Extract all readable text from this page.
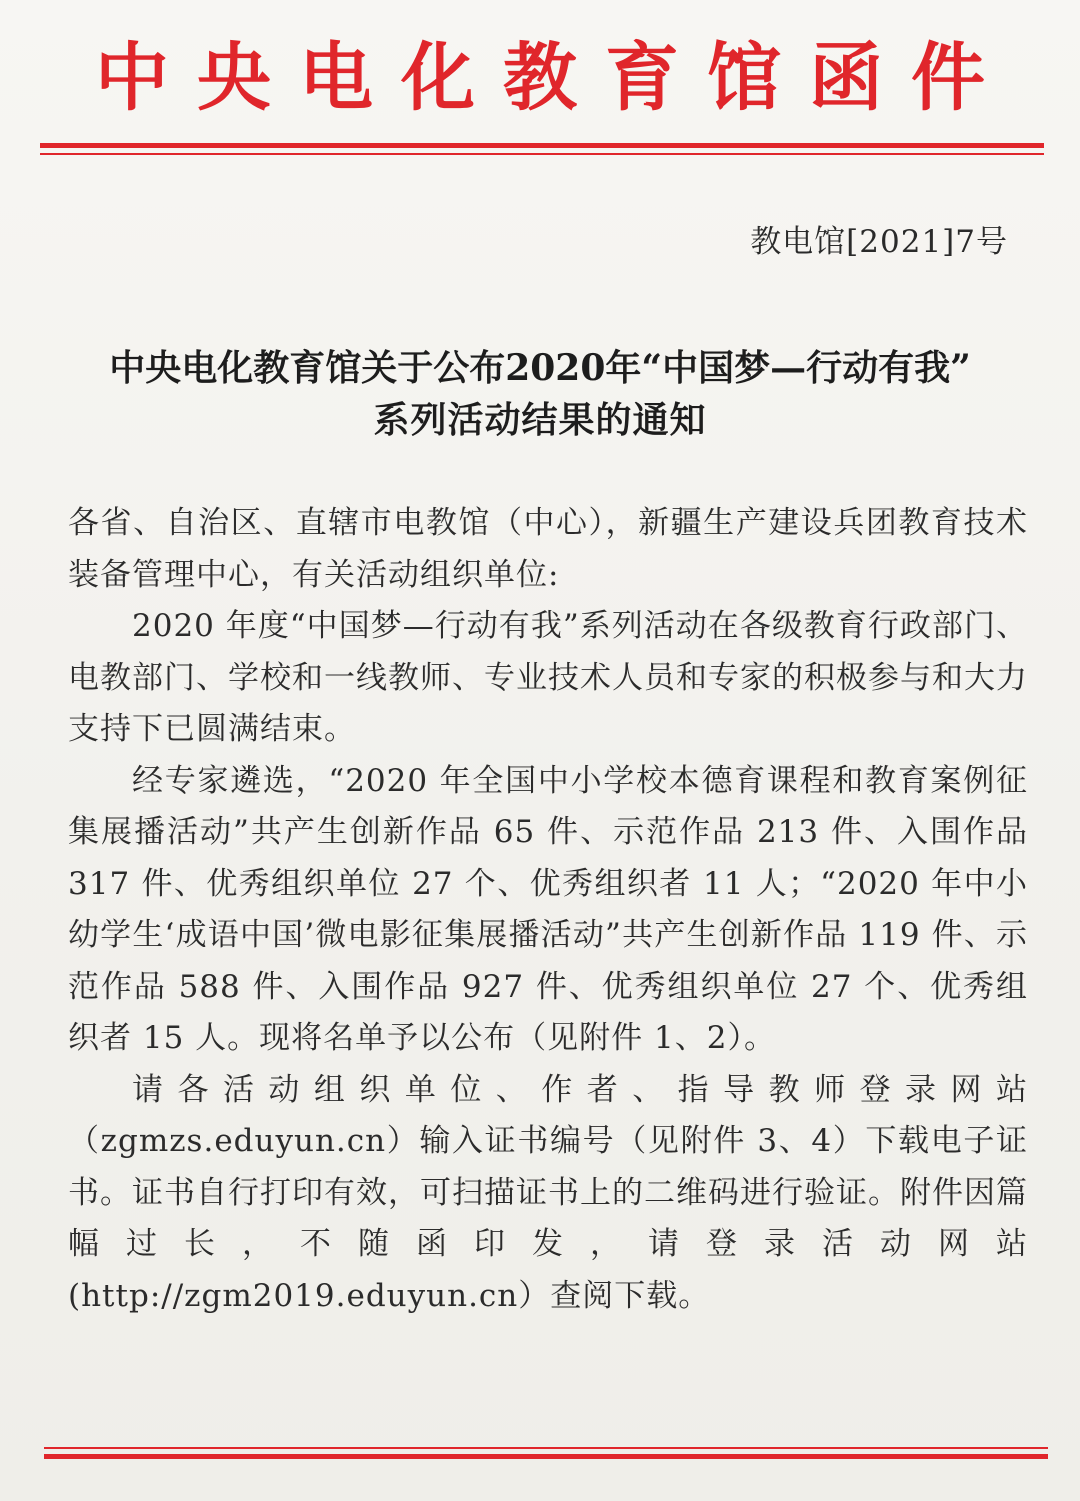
中央电化教育馆函件
教电馆[2021]7号
中央电化教育馆关于公布2020年“中国梦—行动有我”
系列活动结果的通知

各省、自治区、直辖市电教馆（中心），新疆生产建设兵团教育技术装备管理中心，有关活动组织单位:

2020 年度“中国梦—行动有我”系列活动在各级教育行政部门、电教部门、学校和一线教师、专业技术人员和专家的积极参与和大力支持下已圆满结束。

经专家遴选，“2020 年全国中小学校本德育课程和教育案例征集展播活动”共产生创新作品 65 件、示范作品 213 件、入围作品 317 件、优秀组织单位 27 个、优秀组织者 11 人；“2020 年中小幼学生‘成语中国’微电影征集展播活动”共产生创新作品 119 件、示范作品 588 件、入围作品 927 件、优秀组织单位 27 个、优秀组织者 15 人。现将名单予以公布（见附件 1、2）。

请各活动组织单位、作者、指导教师登录网站（zgmzs.eduyun.cn）输入证书编号（见附件 3、4）下载电子证书。证书自行打印有效，可扫描证书上的二维码进行验证。附件因篇幅过长，不随函印发，请登录活动网站(http://zgm2019.eduyun.cn）查阅下载。
